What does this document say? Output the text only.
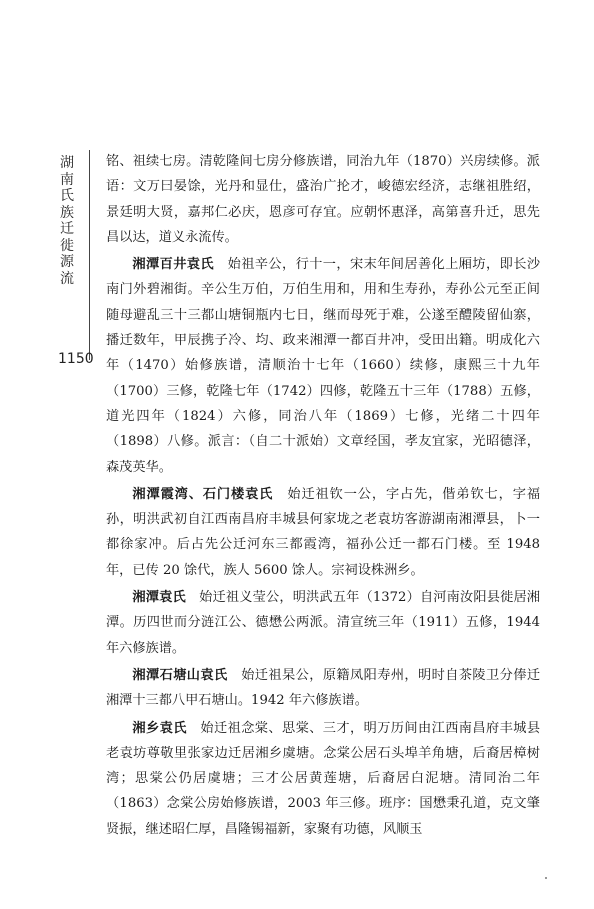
湖南氏族迁徙源流
1150

铭、祖续七房。清乾隆间七房分修族谱，同治九年（1870）兴房续修。派语：文万曰晏馀，光丹和显仕，盛治广抡才，峻德宏经济，志继祖胜绍，景廷明大贤，嘉邦仁必庆，恩彦可存宜。应朝怀惠泽，高第喜升迁，思先昌以达，道义永流传。

湘潭百井袁氏　始祖辛公，行十一，宋末年间居善化上厢坊，即长沙南门外碧湘街。辛公生万伯，万伯生用和，用和生寿孙，寿孙公元至正间随母避乱三十三都山塘铜瓶内七日，继而母死于难，公遂至醴陵留仙寨，播迁数年，甲辰携子冷、均、政来湘潭一都百井冲，受田出籍。明成化六年（1470）始修族谱，清顺治十七年（1660）续修，康熙三十九年（1700）三修，乾隆七年（1742）四修，乾隆五十三年（1788）五修，道光四年（1824）六修，同治八年（1869）七修，光绪二十四年（1898）八修。派言：（自二十派始）文章经国，孝友宜家，光昭德泽，森茂英华。

湘潭霞湾、石门楼袁氏　始迁祖钦一公，字占先，偕弟钦七，字福孙，明洪武初自江西南昌府丰城县何家垅之老袁坊客游湖南湘潭县，卜一都徐家冲。后占先公迁河东三都霞湾，福孙公迁一都石门楼。至 1948 年，已传 20 馀代，族人 5600 馀人。宗祠设株洲乡。

湘潭袁氏　始迁祖义莹公，明洪武五年（1372）自河南汝阳县徙居湘潭。历四世而分涟江公、德懋公两派。清宣统三年（1911）五修，1944 年六修族谱。

湘潭石塘山袁氏　始迁祖杲公，原籍凤阳寿州，明时自茶陵卫分俸迁湘潭十三都八甲石塘山。1942 年六修族谱。

湘乡袁氏　始迁祖念棠、思棠、三才，明万历间由江西南昌府丰城县老袁坊尊敬里张家边迁居湘乡虞塘。念棠公居石头埠羊角塘，后裔居樟树湾；思棠公仍居虞塘；三才公居黄莲塘，后裔居白泥塘。清同治二年（1863）念棠公房始修族谱，2003 年三修。班序：国懋秉孔道，克文肇贤振，继述昭仁厚，昌隆锡福新，家聚有功德，风顺玉
